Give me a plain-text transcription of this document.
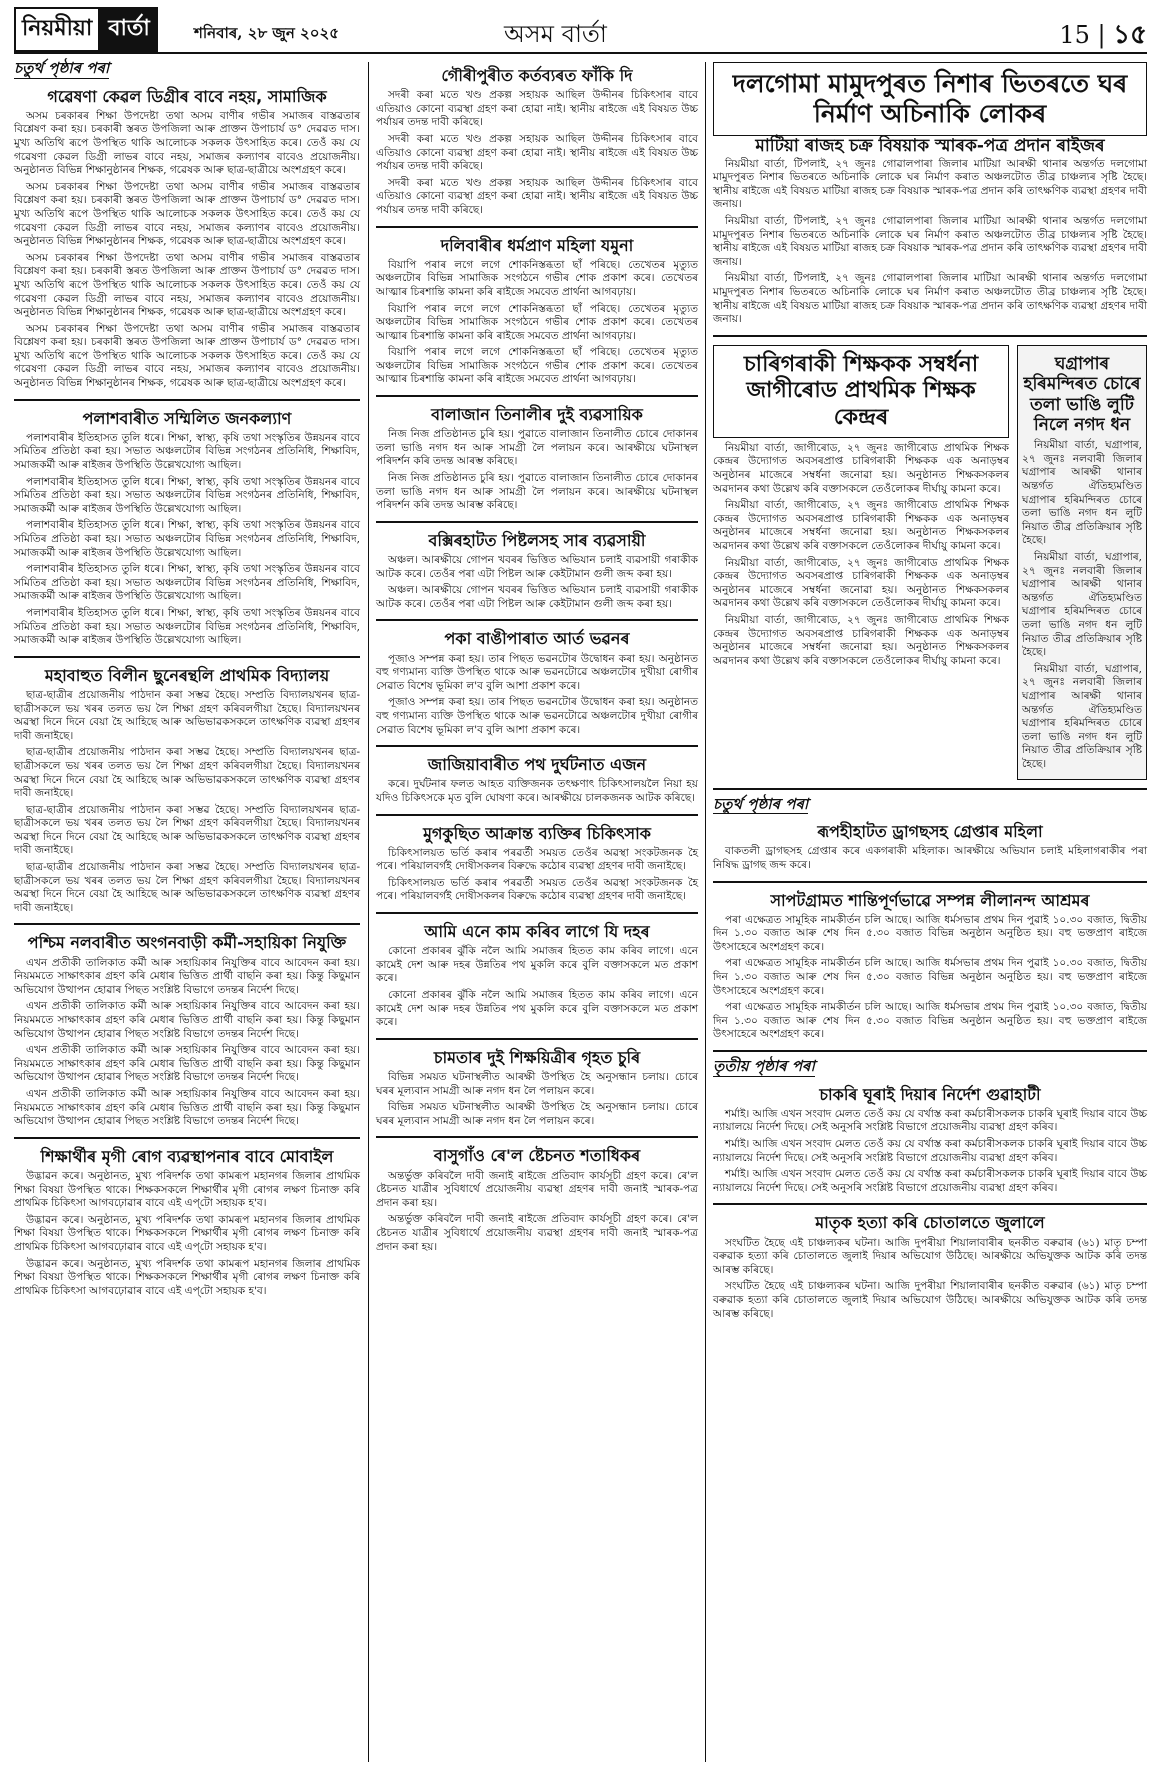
নিয়মীয়া বাৰ্তা	শনিবাৰ, ২৮ জুন ২০২৫	অসম বাৰ্তা	15 | ১৫
চতুৰ্থ পৃষ্ঠাৰ পৰা
গৱেষণা কেৱল ডিগ্ৰীৰ বাবে নহয়, সামাজিক

অসম চৰকাৰৰ শিক্ষা উপদেষ্টা তথা অসম বাণীৰ গভীৰ সমাজৰ বাস্তৱতাৰ বিশ্লেষণ কৰা হয়। চৰকাৰী স্তৰত উপজিলা আৰু প্ৰাক্তন উপাচাৰ্য ড° দেৱৱত দাস। মুখ্য অতিথি ৰূপে উপস্থিত থাকি আলোচক সকলক উৎসাহিত কৰে। তেওঁ কয় যে গৱেষণা কেৱল ডিগ্ৰী লাভৰ বাবে নহয়, সমাজৰ কল্যাণৰ বাবেও প্ৰয়োজনীয়। অনুষ্ঠানত বিভিন্ন শিক্ষানুষ্ঠানৰ শিক্ষক, গৱেষক আৰু ছাত্ৰ-ছাত্ৰীয়ে অংশগ্ৰহণ কৰে।

অসম চৰকাৰৰ শিক্ষা উপদেষ্টা তথা অসম বাণীৰ গভীৰ সমাজৰ বাস্তৱতাৰ বিশ্লেষণ কৰা হয়। চৰকাৰী স্তৰত উপজিলা আৰু প্ৰাক্তন উপাচাৰ্য ড° দেৱৱত দাস। মুখ্য অতিথি ৰূপে উপস্থিত থাকি আলোচক সকলক উৎসাহিত কৰে। তেওঁ কয় যে গৱেষণা কেৱল ডিগ্ৰী লাভৰ বাবে নহয়, সমাজৰ কল্যাণৰ বাবেও প্ৰয়োজনীয়। অনুষ্ঠানত বিভিন্ন শিক্ষানুষ্ঠানৰ শিক্ষক, গৱেষক আৰু ছাত্ৰ-ছাত্ৰীয়ে অংশগ্ৰহণ কৰে।

অসম চৰকাৰৰ শিক্ষা উপদেষ্টা তথা অসম বাণীৰ গভীৰ সমাজৰ বাস্তৱতাৰ বিশ্লেষণ কৰা হয়। চৰকাৰী স্তৰত উপজিলা আৰু প্ৰাক্তন উপাচাৰ্য ড° দেৱৱত দাস। মুখ্য অতিথি ৰূপে উপস্থিত থাকি আলোচক সকলক উৎসাহিত কৰে। তেওঁ কয় যে গৱেষণা কেৱল ডিগ্ৰী লাভৰ বাবে নহয়, সমাজৰ কল্যাণৰ বাবেও প্ৰয়োজনীয়। অনুষ্ঠানত বিভিন্ন শিক্ষানুষ্ঠানৰ শিক্ষক, গৱেষক আৰু ছাত্ৰ-ছাত্ৰীয়ে অংশগ্ৰহণ কৰে।

অসম চৰকাৰৰ শিক্ষা উপদেষ্টা তথা অসম বাণীৰ গভীৰ সমাজৰ বাস্তৱতাৰ বিশ্লেষণ কৰা হয়। চৰকাৰী স্তৰত উপজিলা আৰু প্ৰাক্তন উপাচাৰ্য ড° দেৱৱত দাস। মুখ্য অতিথি ৰূপে উপস্থিত থাকি আলোচক সকলক উৎসাহিত কৰে। তেওঁ কয় যে গৱেষণা কেৱল ডিগ্ৰী লাভৰ বাবে নহয়, সমাজৰ কল্যাণৰ বাবেও প্ৰয়োজনীয়। অনুষ্ঠানত বিভিন্ন শিক্ষানুষ্ঠানৰ শিক্ষক, গৱেষক আৰু ছাত্ৰ-ছাত্ৰীয়ে অংশগ্ৰহণ কৰে।

পলাশবাৰীত সম্মিলিত জনকল্যাণ

পলাশবাৰীৰ ইতিহাসত তুলি ধৰে। শিক্ষা, স্বাস্থ্য, কৃষি তথা সংস্কৃতিৰ উন্নয়নৰ বাবে সমিতিৰ প্ৰতিষ্ঠা কৰা হয়। সভাত অঞ্চলটোৰ বিভিন্ন সংগঠনৰ প্ৰতিনিধি, শিক্ষাবিদ, সমাজকৰ্মী আৰু ৰাইজৰ উপস্থিতি উল্লেখযোগ্য আছিল।

পলাশবাৰীৰ ইতিহাসত তুলি ধৰে। শিক্ষা, স্বাস্থ্য, কৃষি তথা সংস্কৃতিৰ উন্নয়নৰ বাবে সমিতিৰ প্ৰতিষ্ঠা কৰা হয়। সভাত অঞ্চলটোৰ বিভিন্ন সংগঠনৰ প্ৰতিনিধি, শিক্ষাবিদ, সমাজকৰ্মী আৰু ৰাইজৰ উপস্থিতি উল্লেখযোগ্য আছিল।

পলাশবাৰীৰ ইতিহাসত তুলি ধৰে। শিক্ষা, স্বাস্থ্য, কৃষি তথা সংস্কৃতিৰ উন্নয়নৰ বাবে সমিতিৰ প্ৰতিষ্ঠা কৰা হয়। সভাত অঞ্চলটোৰ বিভিন্ন সংগঠনৰ প্ৰতিনিধি, শিক্ষাবিদ, সমাজকৰ্মী আৰু ৰাইজৰ উপস্থিতি উল্লেখযোগ্য আছিল।

পলাশবাৰীৰ ইতিহাসত তুলি ধৰে। শিক্ষা, স্বাস্থ্য, কৃষি তথা সংস্কৃতিৰ উন্নয়নৰ বাবে সমিতিৰ প্ৰতিষ্ঠা কৰা হয়। সভাত অঞ্চলটোৰ বিভিন্ন সংগঠনৰ প্ৰতিনিধি, শিক্ষাবিদ, সমাজকৰ্মী আৰু ৰাইজৰ উপস্থিতি উল্লেখযোগ্য আছিল।

পলাশবাৰীৰ ইতিহাসত তুলি ধৰে। শিক্ষা, স্বাস্থ্য, কৃষি তথা সংস্কৃতিৰ উন্নয়নৰ বাবে সমিতিৰ প্ৰতিষ্ঠা কৰা হয়। সভাত অঞ্চলটোৰ বিভিন্ন সংগঠনৰ প্ৰতিনিধি, শিক্ষাবিদ, সমাজকৰ্মী আৰু ৰাইজৰ উপস্থিতি উল্লেখযোগ্য আছিল।

মহাবাহুত বিলীন ছুনেৰন্থলি প্ৰাথমিক বিদ্যালয়

ছাত্ৰ-ছাত্ৰীৰ প্ৰয়োজনীয় পাঠদান কৰা সম্ভৱ হৈছে। সম্প্ৰতি বিদ্যালয়খনৰ ছাত্ৰ-ছাত্ৰীসকলে ভয় খৰৰ তলত ভয় লৈ শিক্ষা গ্ৰহণ কৰিবলগীয়া হৈছে। বিদ্যালয়খনৰ অৱস্থা দিনে দিনে বেয়া হৈ আহিছে আৰু অভিভাৱকসকলে তাৎক্ষণিক ব্যৱস্থা গ্ৰহণৰ দাবী জনাইছে।

ছাত্ৰ-ছাত্ৰীৰ প্ৰয়োজনীয় পাঠদান কৰা সম্ভৱ হৈছে। সম্প্ৰতি বিদ্যালয়খনৰ ছাত্ৰ-ছাত্ৰীসকলে ভয় খৰৰ তলত ভয় লৈ শিক্ষা গ্ৰহণ কৰিবলগীয়া হৈছে। বিদ্যালয়খনৰ অৱস্থা দিনে দিনে বেয়া হৈ আহিছে আৰু অভিভাৱকসকলে তাৎক্ষণিক ব্যৱস্থা গ্ৰহণৰ দাবী জনাইছে।

ছাত্ৰ-ছাত্ৰীৰ প্ৰয়োজনীয় পাঠদান কৰা সম্ভৱ হৈছে। সম্প্ৰতি বিদ্যালয়খনৰ ছাত্ৰ-ছাত্ৰীসকলে ভয় খৰৰ তলত ভয় লৈ শিক্ষা গ্ৰহণ কৰিবলগীয়া হৈছে। বিদ্যালয়খনৰ অৱস্থা দিনে দিনে বেয়া হৈ আহিছে আৰু অভিভাৱকসকলে তাৎক্ষণিক ব্যৱস্থা গ্ৰহণৰ দাবী জনাইছে।

ছাত্ৰ-ছাত্ৰীৰ প্ৰয়োজনীয় পাঠদান কৰা সম্ভৱ হৈছে। সম্প্ৰতি বিদ্যালয়খনৰ ছাত্ৰ-ছাত্ৰীসকলে ভয় খৰৰ তলত ভয় লৈ শিক্ষা গ্ৰহণ কৰিবলগীয়া হৈছে। বিদ্যালয়খনৰ অৱস্থা দিনে দিনে বেয়া হৈ আহিছে আৰু অভিভাৱকসকলে তাৎক্ষণিক ব্যৱস্থা গ্ৰহণৰ দাবী জনাইছে।

পশ্চিম নলবাৰীত অংগনবাড়ী কৰ্মী-সহায়িকা নিযুক্তি

এখন প্ৰতীকী তালিকাত কৰ্মী আৰু সহায়িকাৰ নিযুক্তিৰ বাবে আবেদন কৰা হয়। নিয়মমতে সাক্ষাৎকাৰ গ্ৰহণ কৰি মেধাৰ ভিত্তিত প্ৰাৰ্থী বাছনি কৰা হয়। কিন্তু কিছুমান অভিযোগ উত্থাপন হোৱাৰ পিছত সংশ্লিষ্ট বিভাগে তদন্তৰ নিৰ্দেশ দিছে।

এখন প্ৰতীকী তালিকাত কৰ্মী আৰু সহায়িকাৰ নিযুক্তিৰ বাবে আবেদন কৰা হয়। নিয়মমতে সাক্ষাৎকাৰ গ্ৰহণ কৰি মেধাৰ ভিত্তিত প্ৰাৰ্থী বাছনি কৰা হয়। কিন্তু কিছুমান অভিযোগ উত্থাপন হোৱাৰ পিছত সংশ্লিষ্ট বিভাগে তদন্তৰ নিৰ্দেশ দিছে।

এখন প্ৰতীকী তালিকাত কৰ্মী আৰু সহায়িকাৰ নিযুক্তিৰ বাবে আবেদন কৰা হয়। নিয়মমতে সাক্ষাৎকাৰ গ্ৰহণ কৰি মেধাৰ ভিত্তিত প্ৰাৰ্থী বাছনি কৰা হয়। কিন্তু কিছুমান অভিযোগ উত্থাপন হোৱাৰ পিছত সংশ্লিষ্ট বিভাগে তদন্তৰ নিৰ্দেশ দিছে।

এখন প্ৰতীকী তালিকাত কৰ্মী আৰু সহায়িকাৰ নিযুক্তিৰ বাবে আবেদন কৰা হয়। নিয়মমতে সাক্ষাৎকাৰ গ্ৰহণ কৰি মেধাৰ ভিত্তিত প্ৰাৰ্থী বাছনি কৰা হয়। কিন্তু কিছুমান অভিযোগ উত্থাপন হোৱাৰ পিছত সংশ্লিষ্ট বিভাগে তদন্তৰ নিৰ্দেশ দিছে।

শিক্ষাৰ্থীৰ মৃগী ৰোগ ব্যৱস্থাপনাৰ বাবে মোবাইল

উদ্ভাৱন কৰে। অনুষ্ঠানত, মুখ্য পৰিদৰ্শক তথা কামৰূপ মহানগৰ জিলাৰ প্ৰাথমিক শিক্ষা বিষয়া উপস্থিত থাকে। শিক্ষকসকলে শিক্ষাৰ্থীৰ মৃগী ৰোগৰ লক্ষণ চিনাক্ত কৰি প্ৰাথমিক চিকিৎসা আগবঢ়োৱাৰ বাবে এই এপ্‌টো সহায়ক হ'ব।

উদ্ভাৱন কৰে। অনুষ্ঠানত, মুখ্য পৰিদৰ্শক তথা কামৰূপ মহানগৰ জিলাৰ প্ৰাথমিক শিক্ষা বিষয়া উপস্থিত থাকে। শিক্ষকসকলে শিক্ষাৰ্থীৰ মৃগী ৰোগৰ লক্ষণ চিনাক্ত কৰি প্ৰাথমিক চিকিৎসা আগবঢ়োৱাৰ বাবে এই এপ্‌টো সহায়ক হ'ব।

উদ্ভাৱন কৰে। অনুষ্ঠানত, মুখ্য পৰিদৰ্শক তথা কামৰূপ মহানগৰ জিলাৰ প্ৰাথমিক শিক্ষা বিষয়া উপস্থিত থাকে। শিক্ষকসকলে শিক্ষাৰ্থীৰ মৃগী ৰোগৰ লক্ষণ চিনাক্ত কৰি প্ৰাথমিক চিকিৎসা আগবঢ়োৱাৰ বাবে এই এপ্‌টো সহায়ক হ'ব।

গৌৰীপুৰীত কৰ্তব্যৰত ফাঁকি দি

সদৰী কৰা মতে খণ্ড প্ৰকল্প সহায়ক আছিল উদ্দীনৰ চিকিৎসাৰ বাবে এতিয়াও কোনো ব্যৱস্থা গ্ৰহণ কৰা হোৱা নাই। স্থানীয় ৰাইজে এই বিষয়ত উচ্চ পৰ্যায়ৰ তদন্ত দাবী কৰিছে।

সদৰী কৰা মতে খণ্ড প্ৰকল্প সহায়ক আছিল উদ্দীনৰ চিকিৎসাৰ বাবে এতিয়াও কোনো ব্যৱস্থা গ্ৰহণ কৰা হোৱা নাই। স্থানীয় ৰাইজে এই বিষয়ত উচ্চ পৰ্যায়ৰ তদন্ত দাবী কৰিছে।

সদৰী কৰা মতে খণ্ড প্ৰকল্প সহায়ক আছিল উদ্দীনৰ চিকিৎসাৰ বাবে এতিয়াও কোনো ব্যৱস্থা গ্ৰহণ কৰা হোৱা নাই। স্থানীয় ৰাইজে এই বিষয়ত উচ্চ পৰ্যায়ৰ তদন্ত দাবী কৰিছে।

দলিবাৰীৰ ধৰ্মপ্ৰাণ মহিলা যমুনা

বিয়াপি পৰাৰ লগে লগে শোকনিস্তব্ধতা ছাঁ পৰিছে। তেখেতৰ মৃত্যুত অঞ্চলটোৰ বিভিন্ন সামাজিক সংগঠনে গভীৰ শোক প্ৰকাশ কৰে। তেখেতৰ আত্মাৰ চিৰশান্তি কামনা কৰি ৰাইজে সমবেত প্ৰাৰ্থনা আগবঢ়ায়।

বিয়াপি পৰাৰ লগে লগে শোকনিস্তব্ধতা ছাঁ পৰিছে। তেখেতৰ মৃত্যুত অঞ্চলটোৰ বিভিন্ন সামাজিক সংগঠনে গভীৰ শোক প্ৰকাশ কৰে। তেখেতৰ আত্মাৰ চিৰশান্তি কামনা কৰি ৰাইজে সমবেত প্ৰাৰ্থনা আগবঢ়ায়।

বিয়াপি পৰাৰ লগে লগে শোকনিস্তব্ধতা ছাঁ পৰিছে। তেখেতৰ মৃত্যুত অঞ্চলটোৰ বিভিন্ন সামাজিক সংগঠনে গভীৰ শোক প্ৰকাশ কৰে। তেখেতৰ আত্মাৰ চিৰশান্তি কামনা কৰি ৰাইজে সমবেত প্ৰাৰ্থনা আগবঢ়ায়।

বালাজান তিনালীৰ দুই ব্যৱসায়িক

নিজ নিজ প্ৰতিষ্ঠানত চুৰি হয়। পুৱাতে বালাজান তিনালীত চোৰে দোকানৰ তলা ভাঙি নগদ ধন আৰু সামগ্ৰী লৈ পলায়ন কৰে। আৰক্ষীয়ে ঘটনাস্থল পৰিদৰ্শন কৰি তদন্ত আৰম্ভ কৰিছে।

নিজ নিজ প্ৰতিষ্ঠানত চুৰি হয়। পুৱাতে বালাজান তিনালীত চোৰে দোকানৰ তলা ভাঙি নগদ ধন আৰু সামগ্ৰী লৈ পলায়ন কৰে। আৰক্ষীয়ে ঘটনাস্থল পৰিদৰ্শন কৰি তদন্ত আৰম্ভ কৰিছে।

বক্সিৰহাটত পিষ্টলসহ সাৰ ব্যৱসায়ী

অঞ্চল। আৰক্ষীয়ে গোপন খবৰৰ ভিত্তিত অভিযান চলাই ব্যৱসায়ী গৰাকীক আটক কৰে। তেওঁৰ পৰা এটা পিষ্টল আৰু কেইটামান গুলী জব্দ কৰা হয়।

অঞ্চল। আৰক্ষীয়ে গোপন খবৰৰ ভিত্তিত অভিযান চলাই ব্যৱসায়ী গৰাকীক আটক কৰে। তেওঁৰ পৰা এটা পিষ্টল আৰু কেইটামান গুলী জব্দ কৰা হয়।

পকা বাঙীপাৰাত আৰ্ত ভৱনৰ

পূজাও সম্পন্ন কৰা হয়। তাৰ পিছত ভৱনটোৰ উদ্বোধন কৰা হয়। অনুষ্ঠানত বহু গণ্যমান্য ব্যক্তি উপস্থিত থাকে আৰু ভৱনটোৱে অঞ্চলটোৰ দুখীয়া ৰোগীৰ সেৱাত বিশেষ ভূমিকা ল'ব বুলি আশা প্ৰকাশ কৰে।

পূজাও সম্পন্ন কৰা হয়। তাৰ পিছত ভৱনটোৰ উদ্বোধন কৰা হয়। অনুষ্ঠানত বহু গণ্যমান্য ব্যক্তি উপস্থিত থাকে আৰু ভৱনটোৱে অঞ্চলটোৰ দুখীয়া ৰোগীৰ সেৱাত বিশেষ ভূমিকা ল'ব বুলি আশা প্ৰকাশ কৰে।

জাজিয়াবাৰীত পথ দুৰ্ঘটনাত এজন

কৰে। দুৰ্ঘটনাৰ ফলত আহত ব্যক্তিজনক তৎক্ষণাৎ চিকিৎসালয়লৈ নিয়া হয় যদিও চিকিৎসকে মৃত বুলি ঘোষণা কৰে। আৰক্ষীয়ে চালকজনক আটক কৰিছে।

মুগকুছিত আক্ৰান্ত ব্যক্তিৰ চিকিৎসাক

চিকিৎসালয়ত ভৰ্তি কৰাৰ পৰৱৰ্তী সময়ত তেওঁৰ অৱস্থা সংকটজনক হৈ পৰে। পৰিয়ালবৰ্গই দোষীসকলৰ বিৰুদ্ধে কঠোৰ ব্যৱস্থা গ্ৰহণৰ দাবী জনাইছে।

চিকিৎসালয়ত ভৰ্তি কৰাৰ পৰৱৰ্তী সময়ত তেওঁৰ অৱস্থা সংকটজনক হৈ পৰে। পৰিয়ালবৰ্গই দোষীসকলৰ বিৰুদ্ধে কঠোৰ ব্যৱস্থা গ্ৰহণৰ দাবী জনাইছে।

আমি এনে কাম কৰিব লাগে যি দহৰ

কোনো প্ৰকাৰৰ ঝুঁকি নলৈ আমি সমাজৰ হিতত কাম কৰিব লাগে। এনে কামেই দেশ আৰু দহৰ উন্নতিৰ পথ মুকলি কৰে বুলি বক্তাসকলে মত প্ৰকাশ কৰে।

কোনো প্ৰকাৰৰ ঝুঁকি নলৈ আমি সমাজৰ হিতত কাম কৰিব লাগে। এনে কামেই দেশ আৰু দহৰ উন্নতিৰ পথ মুকলি কৰে বুলি বক্তাসকলে মত প্ৰকাশ কৰে।

চামতাৰ দুই শিক্ষয়িত্ৰীৰ গৃহত চুৰি

বিভিন্ন সময়ত ঘটনাস্থলীত আৰক্ষী উপস্থিত হৈ অনুসন্ধান চলায়। চোৰে ঘৰৰ মূল্যবান সামগ্ৰী আৰু নগদ ধন লৈ পলায়ন কৰে।

বিভিন্ন সময়ত ঘটনাস্থলীত আৰক্ষী উপস্থিত হৈ অনুসন্ধান চলায়। চোৰে ঘৰৰ মূল্যবান সামগ্ৰী আৰু নগদ ধন লৈ পলায়ন কৰে।

বাসুগাঁও ৰে'ল ষ্টেচনত শতাধিকৰ

অন্তৰ্ভুক্ত কৰিবলৈ দাবী জনাই ৰাইজে প্ৰতিবাদ কাৰ্যসূচী গ্ৰহণ কৰে। ৰে'ল ষ্টেচনত যাত্ৰীৰ সুবিধাৰ্থে প্ৰয়োজনীয় ব্যৱস্থা গ্ৰহণৰ দাবী জনাই স্মাৰক-পত্ৰ প্ৰদান কৰা হয়।

অন্তৰ্ভুক্ত কৰিবলৈ দাবী জনাই ৰাইজে প্ৰতিবাদ কাৰ্যসূচী গ্ৰহণ কৰে। ৰে'ল ষ্টেচনত যাত্ৰীৰ সুবিধাৰ্থে প্ৰয়োজনীয় ব্যৱস্থা গ্ৰহণৰ দাবী জনাই স্মাৰক-পত্ৰ প্ৰদান কৰা হয়।

দলগোমা মামুদপুৰত নিশাৰ ভিতৰতে ঘৰ নিৰ্মাণ অচিনাকি লোকৰ
মাটিয়া ৰাজহ চক্ৰ বিষয়াক স্মাৰক-পত্ৰ প্ৰদান ৰাইজৰ

নিয়মীয়া বাৰ্তা, টিপলাই, ২৭ জুনঃ গোৱালপাৰা জিলাৰ মাটিয়া আৰক্ষী থানাৰ অন্তৰ্গত দলগোমা মামুদপুৰত নিশাৰ ভিতৰতে অচিনাকি লোকে ঘৰ নিৰ্মাণ কৰাত অঞ্চলটোত তীব্ৰ চাঞ্চল্যৰ সৃষ্টি হৈছে। স্থানীয় ৰাইজে এই বিষয়ত মাটিয়া ৰাজহ চক্ৰ বিষয়াক স্মাৰক-পত্ৰ প্ৰদান কৰি তাৎক্ষণিক ব্যৱস্থা গ্ৰহণৰ দাবী জনায়।

নিয়মীয়া বাৰ্তা, টিপলাই, ২৭ জুনঃ গোৱালপাৰা জিলাৰ মাটিয়া আৰক্ষী থানাৰ অন্তৰ্গত দলগোমা মামুদপুৰত নিশাৰ ভিতৰতে অচিনাকি লোকে ঘৰ নিৰ্মাণ কৰাত অঞ্চলটোত তীব্ৰ চাঞ্চল্যৰ সৃষ্টি হৈছে। স্থানীয় ৰাইজে এই বিষয়ত মাটিয়া ৰাজহ চক্ৰ বিষয়াক স্মাৰক-পত্ৰ প্ৰদান কৰি তাৎক্ষণিক ব্যৱস্থা গ্ৰহণৰ দাবী জনায়।

নিয়মীয়া বাৰ্তা, টিপলাই, ২৭ জুনঃ গোৱালপাৰা জিলাৰ মাটিয়া আৰক্ষী থানাৰ অন্তৰ্গত দলগোমা মামুদপুৰত নিশাৰ ভিতৰতে অচিনাকি লোকে ঘৰ নিৰ্মাণ কৰাত অঞ্চলটোত তীব্ৰ চাঞ্চল্যৰ সৃষ্টি হৈছে। স্থানীয় ৰাইজে এই বিষয়ত মাটিয়া ৰাজহ চক্ৰ বিষয়াক স্মাৰক-পত্ৰ প্ৰদান কৰি তাৎক্ষণিক ব্যৱস্থা গ্ৰহণৰ দাবী জনায়।

চাৰিগৰাকী শিক্ষকক সম্বৰ্ধনা জাগীৰোড প্ৰাথমিক শিক্ষক কেন্দ্ৰৰ

নিয়মীয়া বাৰ্তা, জাগীৰোড, ২৭ জুনঃ জাগীৰোড প্ৰাথমিক শিক্ষক কেন্দ্ৰৰ উদ্যোগত অবসৰপ্ৰাপ্ত চাৰিগৰাকী শিক্ষকক এক অনাড়ম্বৰ অনুষ্ঠানৰ মাজেৰে সম্বৰ্ধনা জনোৱা হয়। অনুষ্ঠানত শিক্ষকসকলৰ অৱদানৰ কথা উল্লেখ কৰি বক্তাসকলে তেওঁলোকৰ দীৰ্ঘায়ু কামনা কৰে।

নিয়মীয়া বাৰ্তা, জাগীৰোড, ২৭ জুনঃ জাগীৰোড প্ৰাথমিক শিক্ষক কেন্দ্ৰৰ উদ্যোগত অবসৰপ্ৰাপ্ত চাৰিগৰাকী শিক্ষকক এক অনাড়ম্বৰ অনুষ্ঠানৰ মাজেৰে সম্বৰ্ধনা জনোৱা হয়। অনুষ্ঠানত শিক্ষকসকলৰ অৱদানৰ কথা উল্লেখ কৰি বক্তাসকলে তেওঁলোকৰ দীৰ্ঘায়ু কামনা কৰে।

নিয়মীয়া বাৰ্তা, জাগীৰোড, ২৭ জুনঃ জাগীৰোড প্ৰাথমিক শিক্ষক কেন্দ্ৰৰ উদ্যোগত অবসৰপ্ৰাপ্ত চাৰিগৰাকী শিক্ষকক এক অনাড়ম্বৰ অনুষ্ঠানৰ মাজেৰে সম্বৰ্ধনা জনোৱা হয়। অনুষ্ঠানত শিক্ষকসকলৰ অৱদানৰ কথা উল্লেখ কৰি বক্তাসকলে তেওঁলোকৰ দীৰ্ঘায়ু কামনা কৰে।

নিয়মীয়া বাৰ্তা, জাগীৰোড, ২৭ জুনঃ জাগীৰোড প্ৰাথমিক শিক্ষক কেন্দ্ৰৰ উদ্যোগত অবসৰপ্ৰাপ্ত চাৰিগৰাকী শিক্ষকক এক অনাড়ম্বৰ অনুষ্ঠানৰ মাজেৰে সম্বৰ্ধনা জনোৱা হয়। অনুষ্ঠানত শিক্ষকসকলৰ অৱদানৰ কথা উল্লেখ কৰি বক্তাসকলে তেওঁলোকৰ দীৰ্ঘায়ু কামনা কৰে।

ঘগ্ৰাপাৰ হৰিমন্দিৰত চোৰে তলা ভাঙি লুটি নিলে নগদ ধন

নিয়মীয়া বাৰ্তা, ঘগ্ৰাপাৰ, ২৭ জুনঃ নলবাৰী জিলাৰ ঘগ্ৰাপাৰ আৰক্ষী থানাৰ অন্তৰ্গত ঐতিহ্যমণ্ডিত ঘগ্ৰাপাৰ হৰিমন্দিৰত চোৰে তলা ভাঙি নগদ ধন লুটি নিয়াত তীব্ৰ প্ৰতিক্ৰিয়াৰ সৃষ্টি হৈছে।

নিয়মীয়া বাৰ্তা, ঘগ্ৰাপাৰ, ২৭ জুনঃ নলবাৰী জিলাৰ ঘগ্ৰাপাৰ আৰক্ষী থানাৰ অন্তৰ্গত ঐতিহ্যমণ্ডিত ঘগ্ৰাপাৰ হৰিমন্দিৰত চোৰে তলা ভাঙি নগদ ধন লুটি নিয়াত তীব্ৰ প্ৰতিক্ৰিয়াৰ সৃষ্টি হৈছে।

নিয়মীয়া বাৰ্তা, ঘগ্ৰাপাৰ, ২৭ জুনঃ নলবাৰী জিলাৰ ঘগ্ৰাপাৰ আৰক্ষী থানাৰ অন্তৰ্গত ঐতিহ্যমণ্ডিত ঘগ্ৰাপাৰ হৰিমন্দিৰত চোৰে তলা ভাঙি নগদ ধন লুটি নিয়াত তীব্ৰ প্ৰতিক্ৰিয়াৰ সৃষ্টি হৈছে।

চতুৰ্থ পৃষ্ঠাৰ পৰা
ৰূপহীহাটত ড্ৰাগছসহ গ্ৰেপ্তাৰ মহিলা

বাকতলী ড্ৰাগছসহ গ্ৰেপ্তাৰ কৰে একগৰাকী মহিলাক। আৰক্ষীয়ে অভিযান চলাই মহিলাগৰাকীৰ পৰা নিষিদ্ধ ড্ৰাগছ জব্দ কৰে।

সাপটগ্ৰামত শান্তিপূৰ্ণভাৱে সম্পন্ন লীলানন্দ আশ্ৰমৰ

পৰা এক্ষেত্ৰত সামূহিক নামকীৰ্তন চলি আছে। আজি ধৰ্মসভাৰ প্ৰথম দিন পুৱাই ১০.৩০ বজাত, দ্বিতীয় দিন ১.৩০ বজাত আৰু শেষ দিন ৫.৩০ বজাত বিভিন্ন অনুষ্ঠান অনুষ্ঠিত হয়। বহু ভক্তপ্ৰাণ ৰাইজে উৎসাহেৰে অংশগ্ৰহণ কৰে।

পৰা এক্ষেত্ৰত সামূহিক নামকীৰ্তন চলি আছে। আজি ধৰ্মসভাৰ প্ৰথম দিন পুৱাই ১০.৩০ বজাত, দ্বিতীয় দিন ১.৩০ বজাত আৰু শেষ দিন ৫.৩০ বজাত বিভিন্ন অনুষ্ঠান অনুষ্ঠিত হয়। বহু ভক্তপ্ৰাণ ৰাইজে উৎসাহেৰে অংশগ্ৰহণ কৰে।

পৰা এক্ষেত্ৰত সামূহিক নামকীৰ্তন চলি আছে। আজি ধৰ্মসভাৰ প্ৰথম দিন পুৱাই ১০.৩০ বজাত, দ্বিতীয় দিন ১.৩০ বজাত আৰু শেষ দিন ৫.৩০ বজাত বিভিন্ন অনুষ্ঠান অনুষ্ঠিত হয়। বহু ভক্তপ্ৰাণ ৰাইজে উৎসাহেৰে অংশগ্ৰহণ কৰে।

তৃতীয় পৃষ্ঠাৰ পৰা
চাকৰি ঘূৰাই দিয়াৰ নিৰ্দেশ গুৱাহাটী

শৰ্মাই। আজি এখন সংবাদ মেলত তেওঁ কয় যে বৰ্খাস্ত কৰা কৰ্মচাৰীসকলক চাকৰি ঘূৰাই দিয়াৰ বাবে উচ্চ ন্যায়ালয়ে নিৰ্দেশ দিছে। সেই অনুসৰি সংশ্লিষ্ট বিভাগে প্ৰয়োজনীয় ব্যৱস্থা গ্ৰহণ কৰিব।

শৰ্মাই। আজি এখন সংবাদ মেলত তেওঁ কয় যে বৰ্খাস্ত কৰা কৰ্মচাৰীসকলক চাকৰি ঘূৰাই দিয়াৰ বাবে উচ্চ ন্যায়ালয়ে নিৰ্দেশ দিছে। সেই অনুসৰি সংশ্লিষ্ট বিভাগে প্ৰয়োজনীয় ব্যৱস্থা গ্ৰহণ কৰিব।

শৰ্মাই। আজি এখন সংবাদ মেলত তেওঁ কয় যে বৰ্খাস্ত কৰা কৰ্মচাৰীসকলক চাকৰি ঘূৰাই দিয়াৰ বাবে উচ্চ ন্যায়ালয়ে নিৰ্দেশ দিছে। সেই অনুসৰি সংশ্লিষ্ট বিভাগে প্ৰয়োজনীয় ব্যৱস্থা গ্ৰহণ কৰিব।

মাতৃক হত্যা কৰি চোতালতে জুলালে

সংঘটিত হৈছে এই চাঞ্চল্যকৰ ঘটনা। আজি দুপৰীয়া শিয়ালাবাৰীৰ ছনকীত বৰুৱাৰ (৬১) মাতৃ চম্পা বৰুৱাক হত্যা কৰি চোতালতে জুলাই দিয়াৰ অভিযোগ উঠিছে। আৰক্ষীয়ে অভিযুক্তক আটক কৰি তদন্ত আৰম্ভ কৰিছে।

সংঘটিত হৈছে এই চাঞ্চল্যকৰ ঘটনা। আজি দুপৰীয়া শিয়ালাবাৰীৰ ছনকীত বৰুৱাৰ (৬১) মাতৃ চম্পা বৰুৱাক হত্যা কৰি চোতালতে জুলাই দিয়াৰ অভিযোগ উঠিছে। আৰক্ষীয়ে অভিযুক্তক আটক কৰি তদন্ত আৰম্ভ কৰিছে।
